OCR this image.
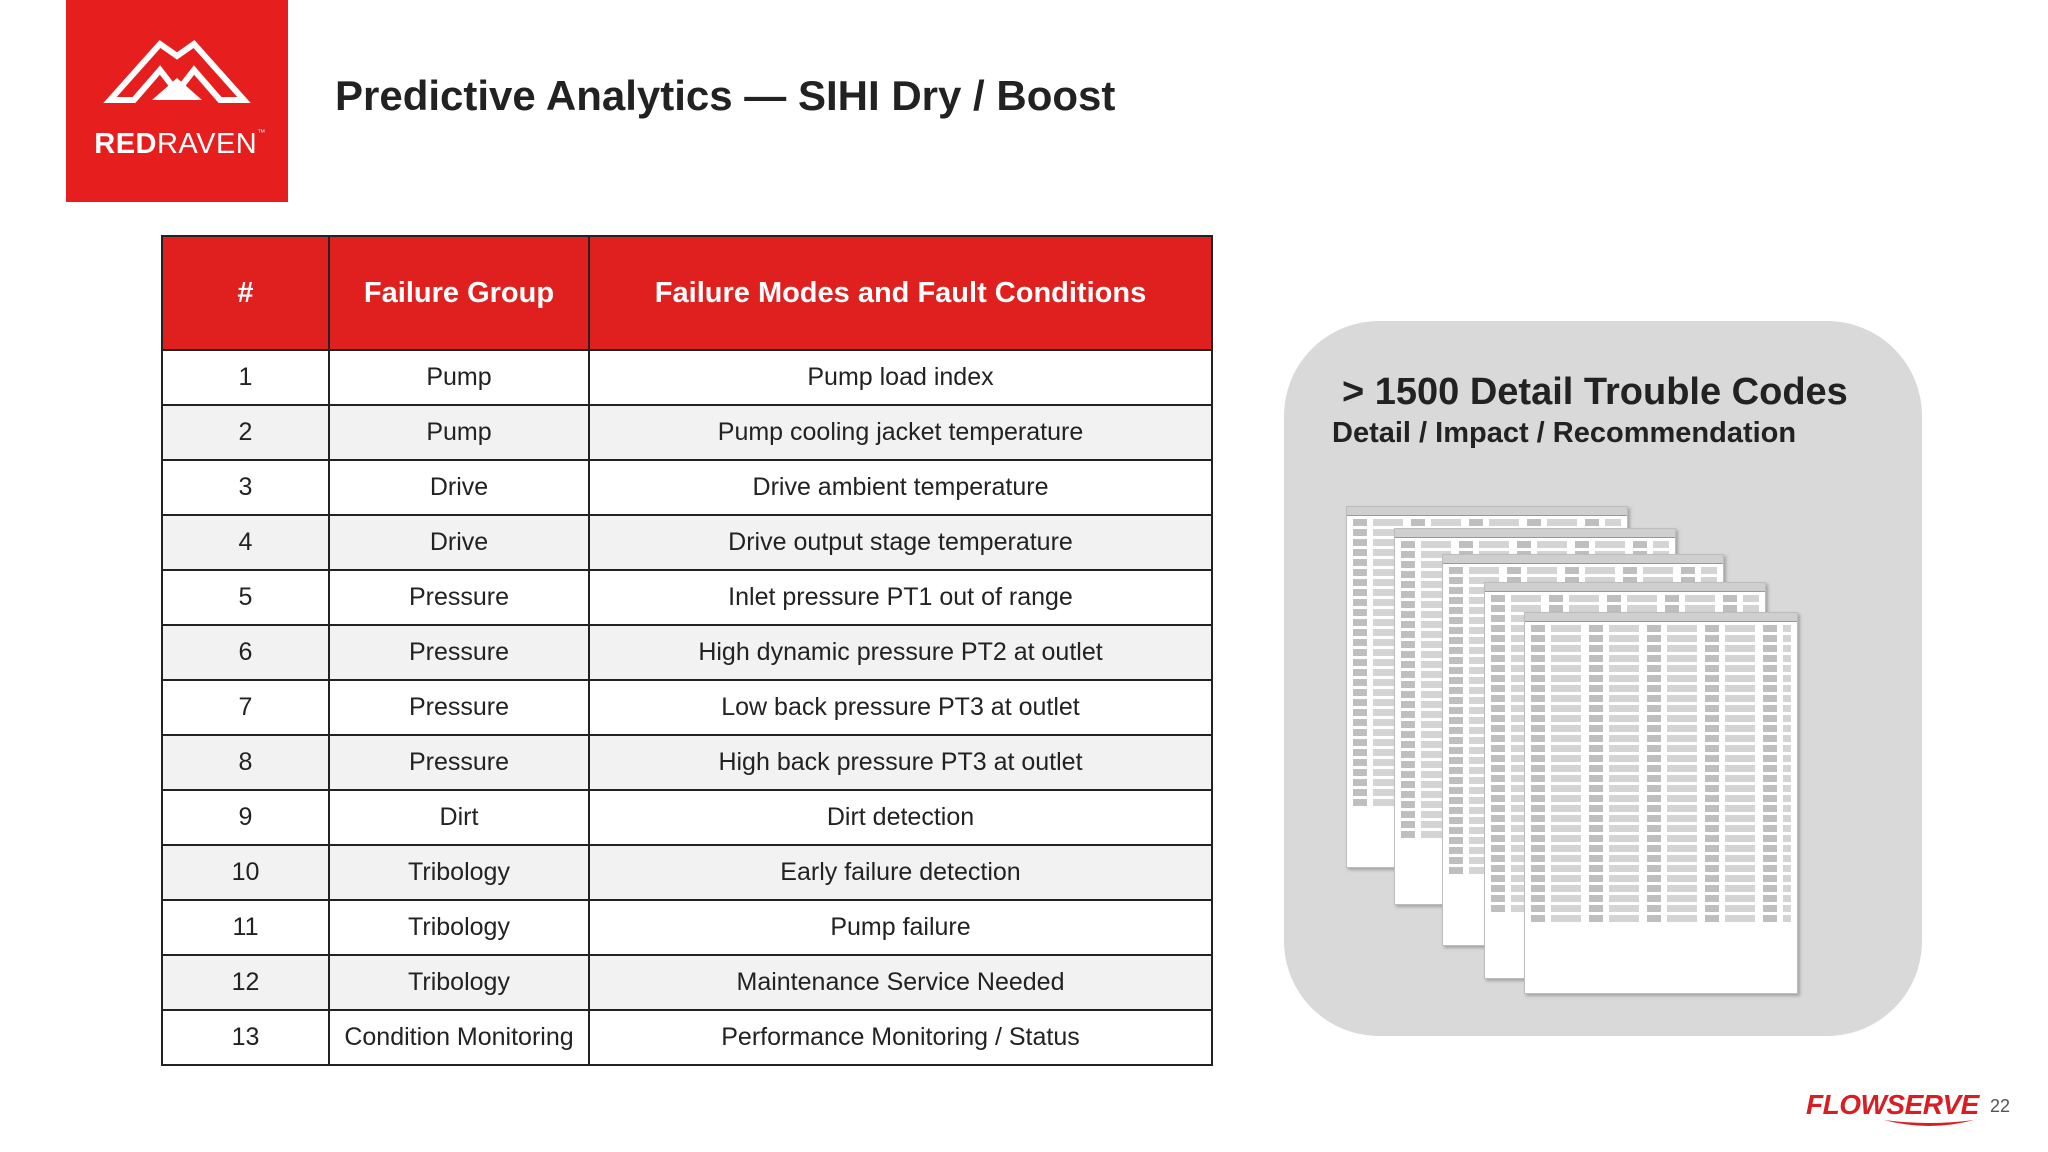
REDRAVEN™
Predictive Analytics — SIHI Dry / Boost
#	Failure Group	Failure Modes and Fault Conditions
1	Pump	Pump load index
2	Pump	Pump cooling jacket temperature
3	Drive	Drive ambient temperature
4	Drive	Drive output stage temperature
5	Pressure	Inlet pressure PT1 out of range
6	Pressure	High dynamic pressure PT2 at outlet
7	Pressure	Low back pressure PT3 at outlet
8	Pressure	High back pressure PT3 at outlet
9	Dirt	Dirt detection
10	Tribology	Early failure detection
11	Tribology	Pump failure
12	Tribology	Maintenance Service Needed
13	Condition Monitoring	Performance Monitoring / Status
> 1500 Detail Trouble Codes
Detail / Impact / Recommendation
FLOWSERVE 22
